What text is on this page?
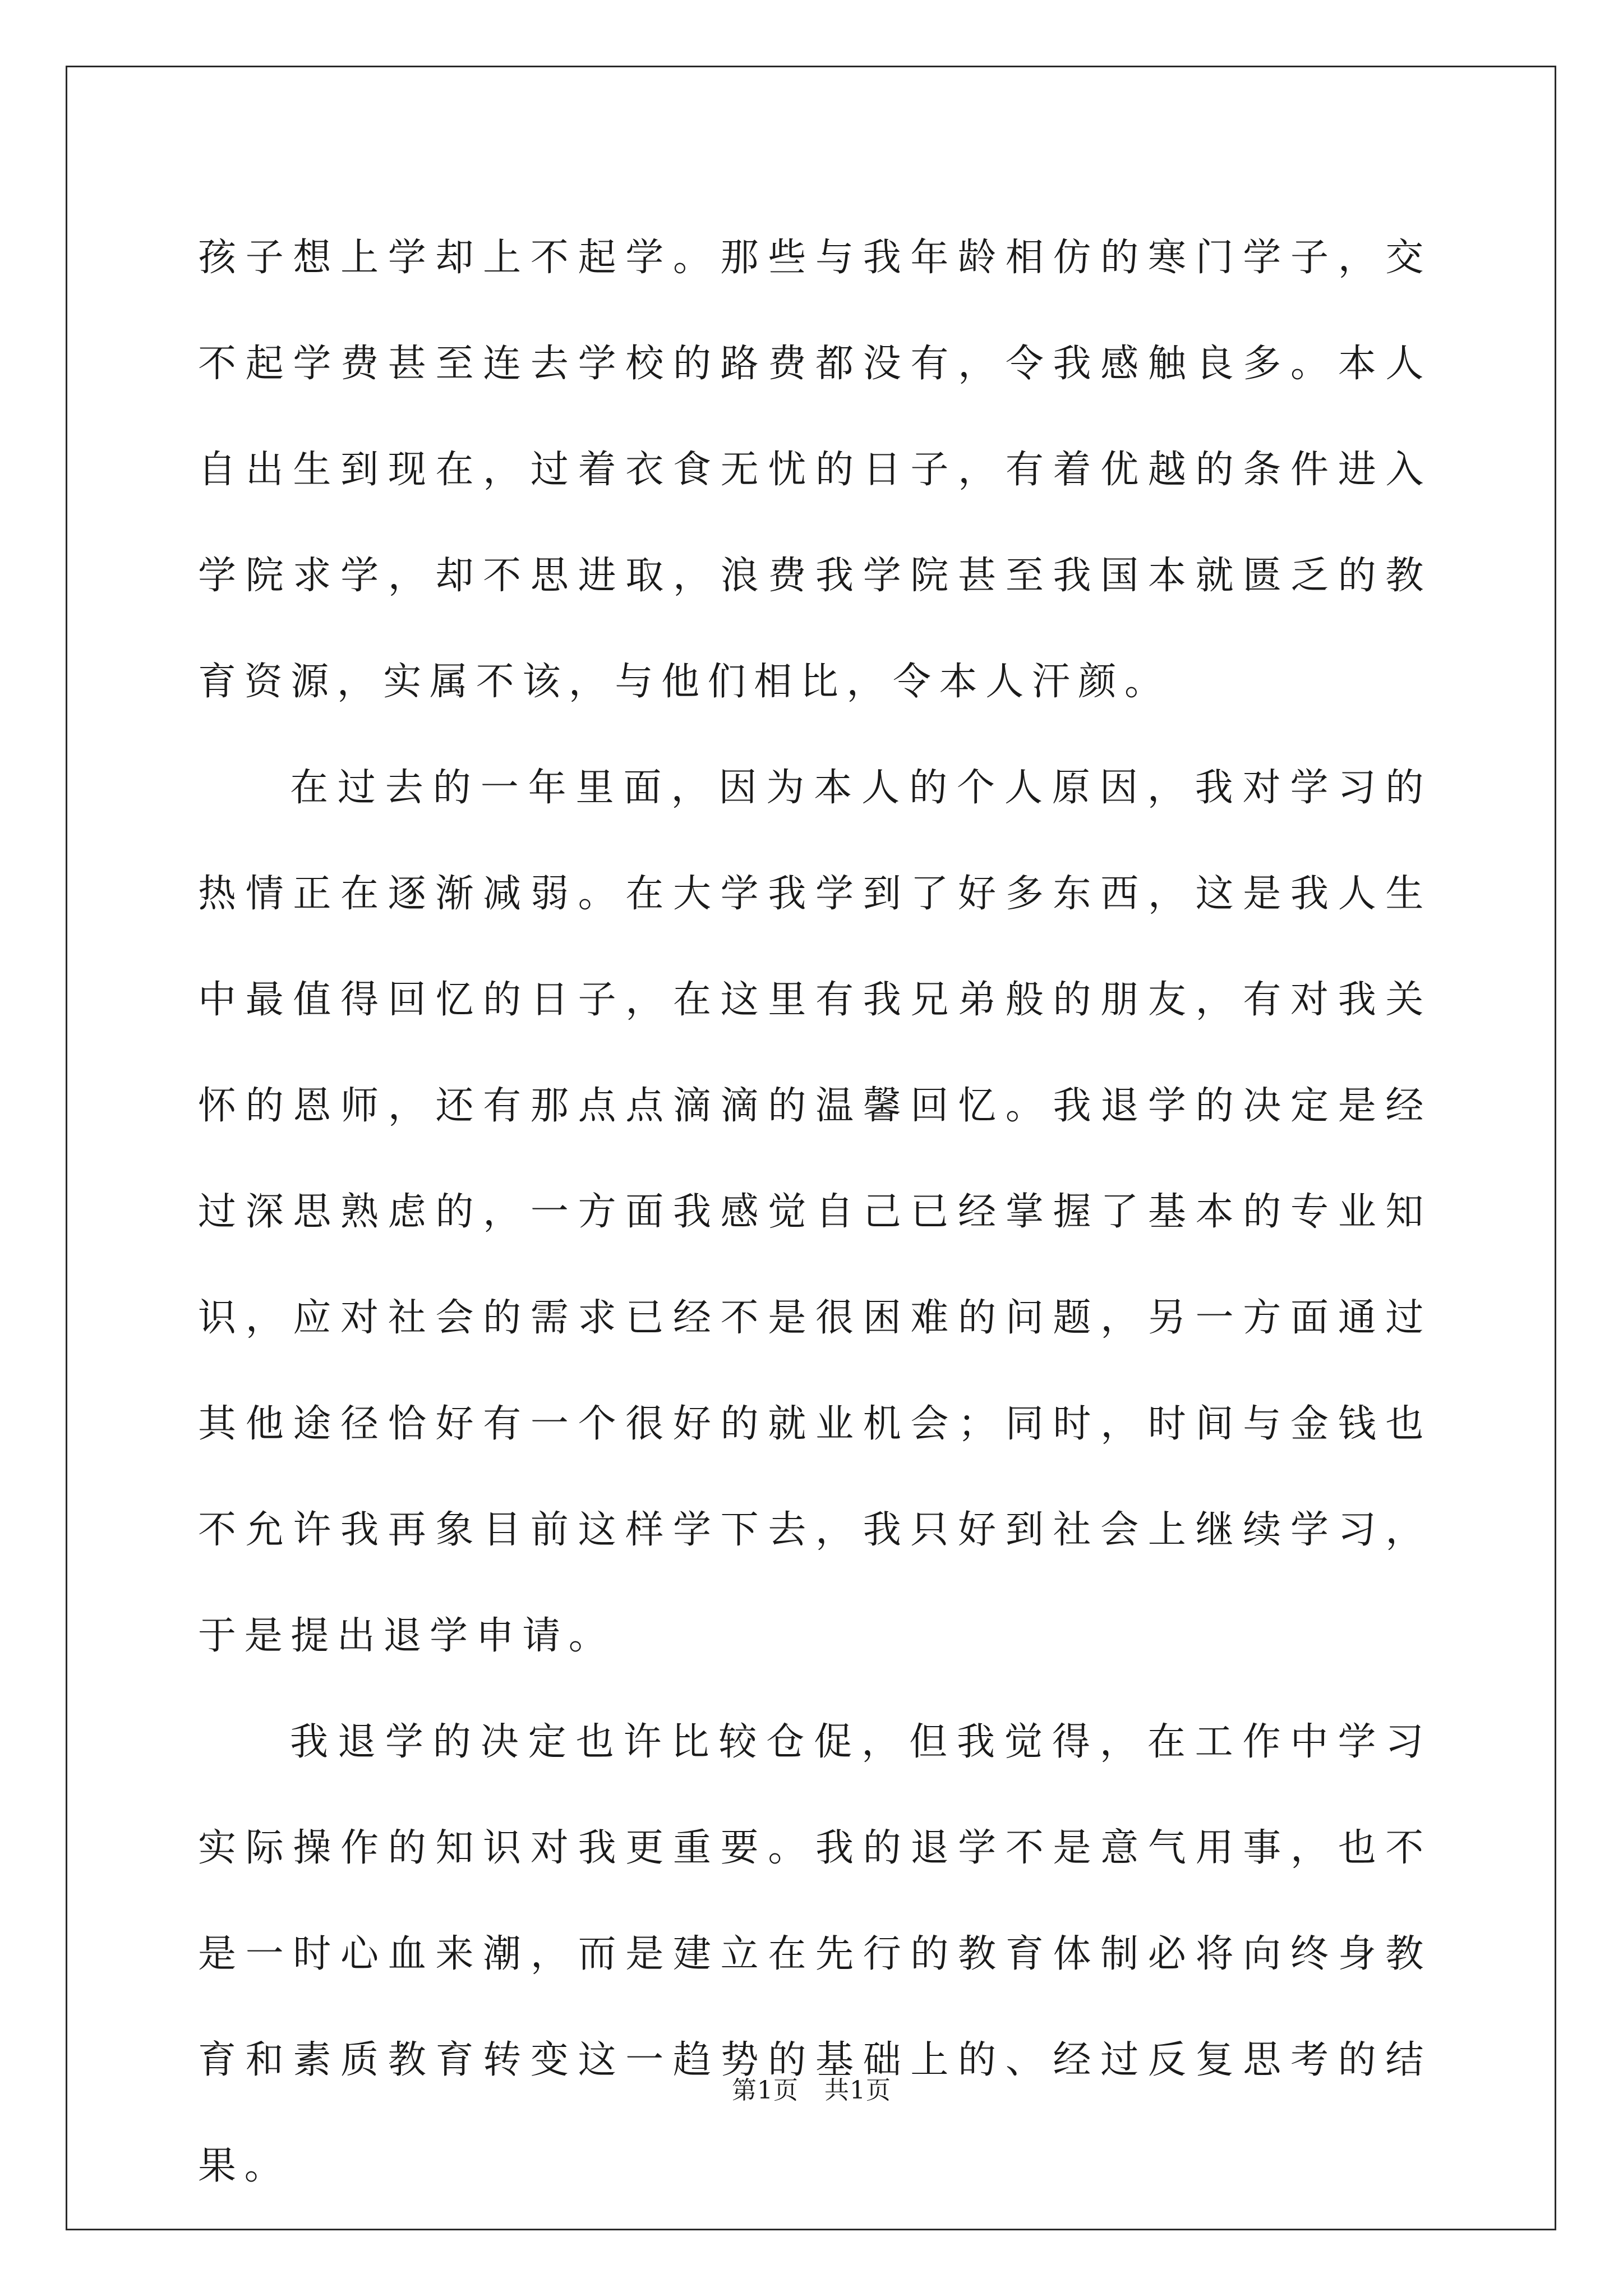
孩子想上学却上不起学。那些与我年龄相仿的寒门学子，交不起学费甚至连去学校的路费都没有，令我感触良多。本人自出生到现在，过着衣食无忧的日子，有着优越的条件进入学院求学，却不思进取，浪费我学院甚至我国本就匮乏的教育资源，实属不该，与他们相比，令本人汗颜。

在过去的一年里面，因为本人的个人原因，我对学习的热情正在逐渐减弱。在大学我学到了好多东西，这是我人生中最值得回忆的日子，在这里有我兄弟般的朋友，有对我关怀的恩师，还有那点点滴滴的温馨回忆。我退学的决定是经过深思熟虑的，一方面我感觉自己已经掌握了基本的专业知识，应对社会的需求已经不是很困难的问题，另一方面通过其他途径恰好有一个很好的就业机会；同时，时间与金钱也不允许我再象目前这样学下去，我只好到社会上继续学习，于是提出退学申请。

我退学的决定也许比较仓促，但我觉得，在工作中学习实际操作的知识对我更重要。我的退学不是意气用事，也不是一时心血来潮，而是建立在先行的教育体制必将向终身教育和素质教育转变这一趋势的基础上的、经过反复思考的结果。

第1页 共1页
